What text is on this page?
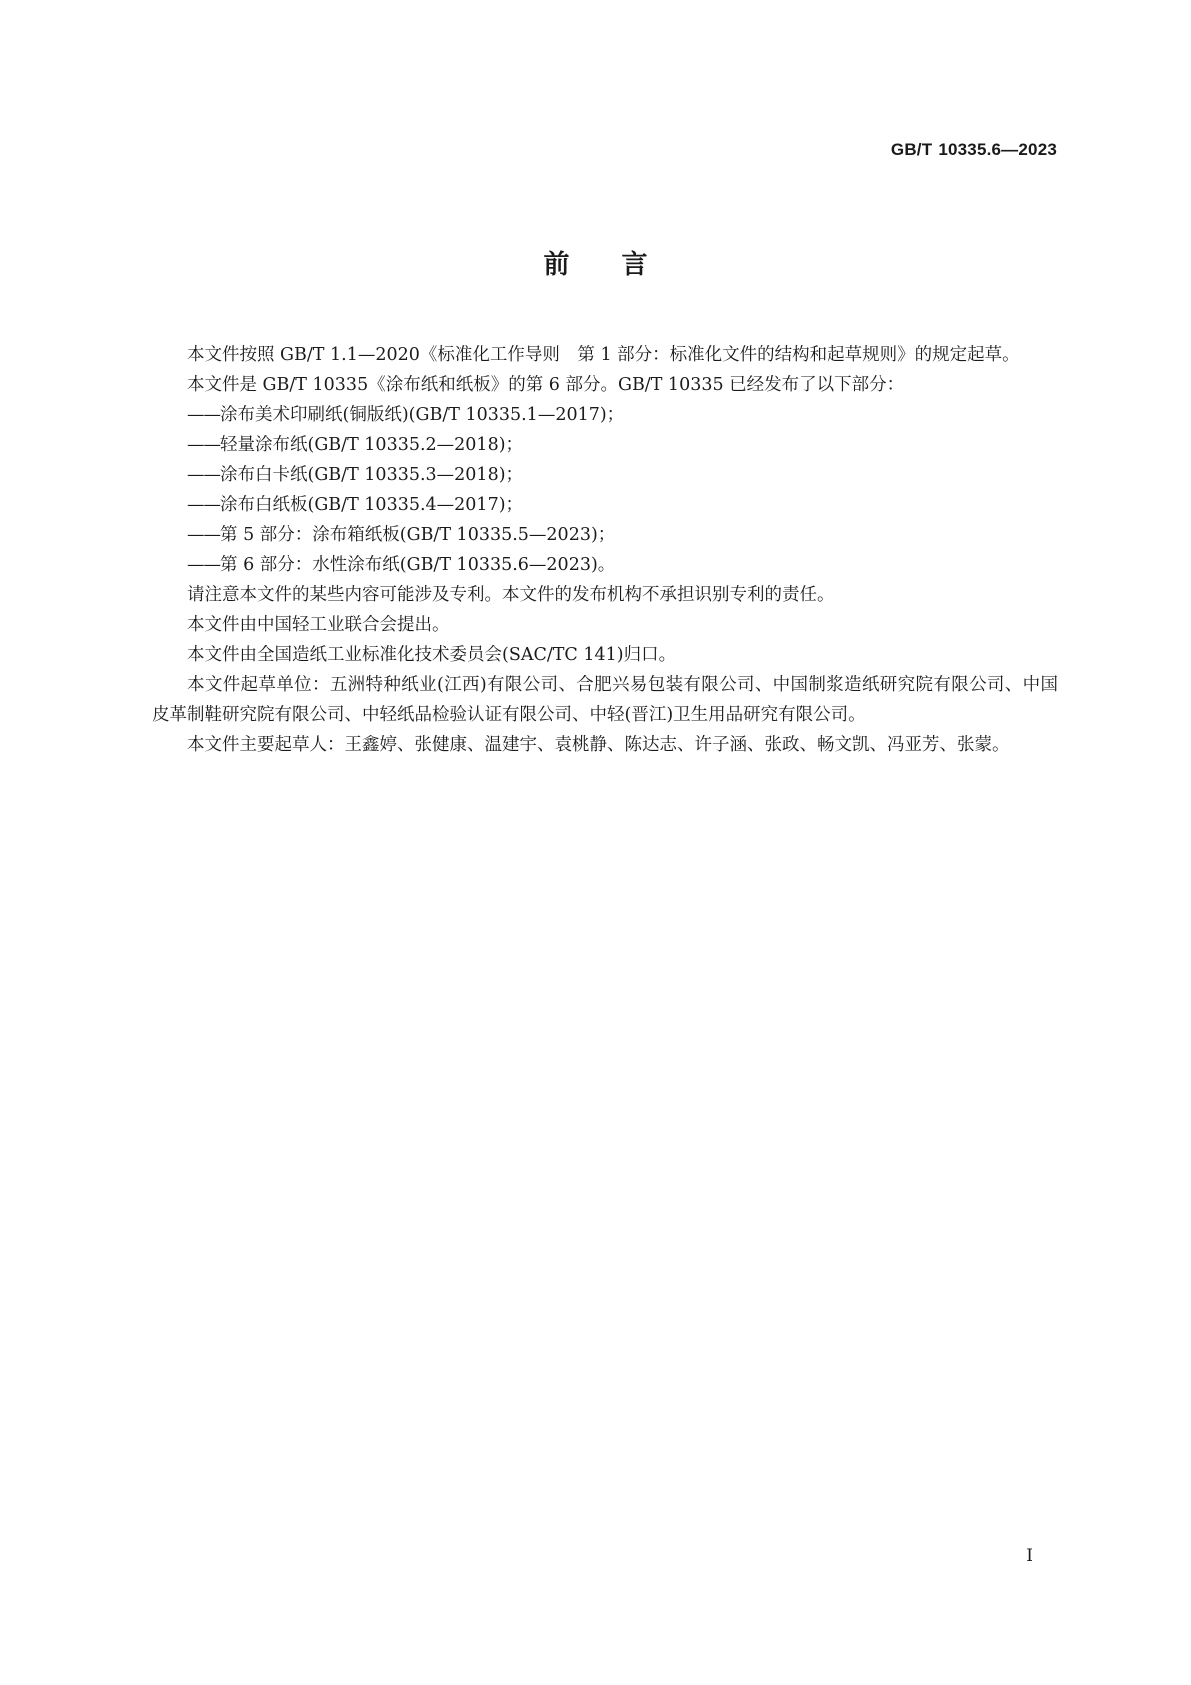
GB/T 10335.6—2023
前言

本文件按照 GB/T 1.1—2020《标准化工作导则　第 1 部分：标准化文件的结构和起草规则》的规定起草。

本文件是 GB/T 10335《涂布纸和纸板》的第 6 部分。GB/T 10335 已经发布了以下部分：

——涂布美术印刷纸(铜版纸)(GB/T 10335.1—2017)；

——轻量涂布纸(GB/T 10335.2—2018)；

——涂布白卡纸(GB/T 10335.3—2018)；

——涂布白纸板(GB/T 10335.4—2017)；

——第 5 部分：涂布箱纸板(GB/T 10335.5—2023)；

——第 6 部分：水性涂布纸(GB/T 10335.6—2023)。

请注意本文件的某些内容可能涉及专利。本文件的发布机构不承担识别专利的责任。

本文件由中国轻工业联合会提出。

本文件由全国造纸工业标准化技术委员会(SAC/TC 141)归口。

本文件起草单位：五洲特种纸业(江西)有限公司、合肥兴易包装有限公司、中国制浆造纸研究院有限公司、中国皮革制鞋研究院有限公司、中轻纸品检验认证有限公司、中轻(晋江)卫生用品研究有限公司。

本文件主要起草人：王鑫婷、张健康、温建宇、袁桃静、陈达志、许子涵、张政、畅文凯、冯亚芳、张蒙。

I
